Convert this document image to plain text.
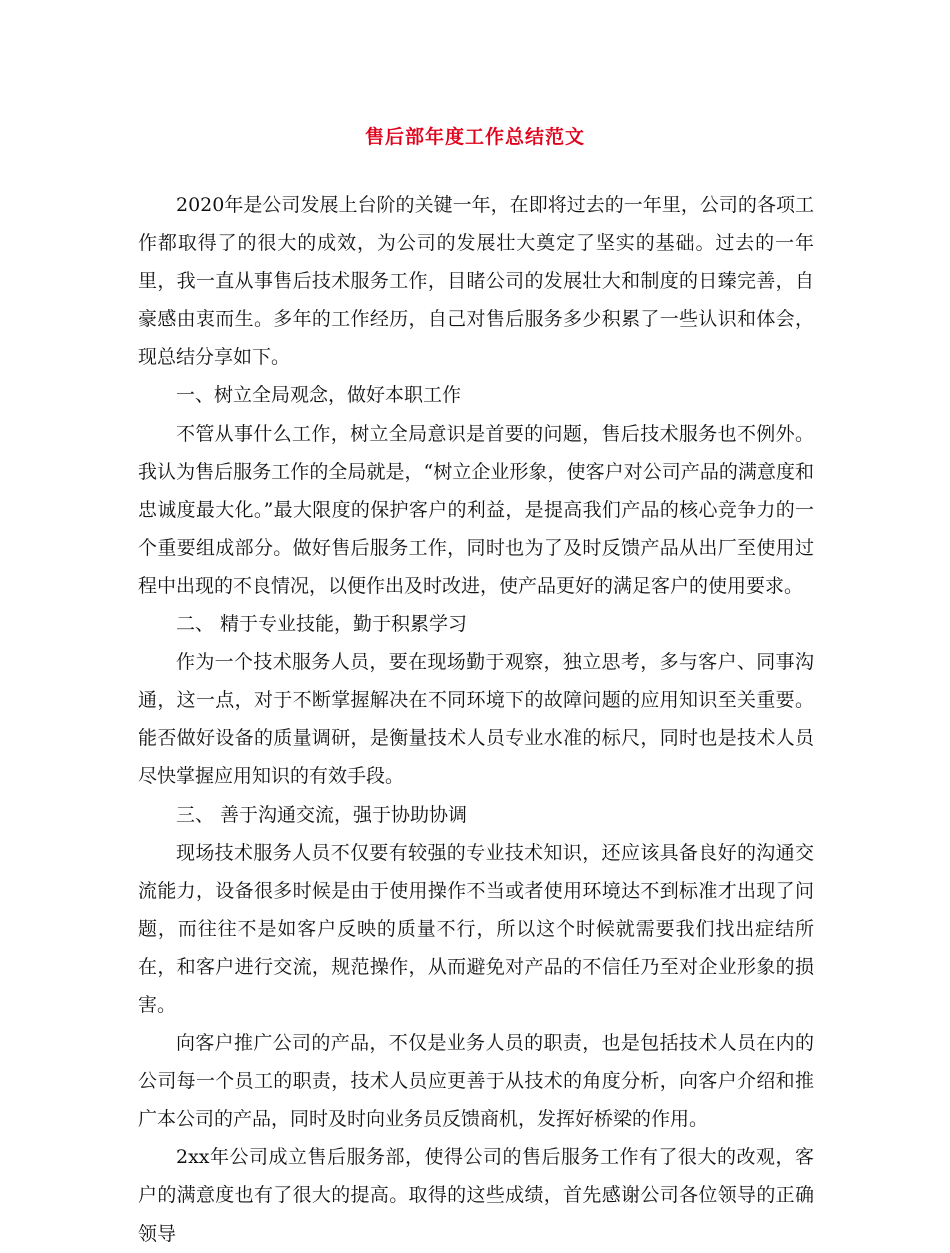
售后部年度工作总结范文

2020年是公司发展上台阶的关键一年，在即将过去的一年里，公司的各项工作都取得了的很大的成效，为公司的发展壮大奠定了坚实的基础。过去的一年里，我一直从事售后技术服务工作，目睹公司的发展壮大和制度的日臻完善，自豪感由衷而生。多年的工作经历，自己对售后服务多少积累了一些认识和体会，现总结分享如下。

一、树立全局观念，做好本职工作

不管从事什么工作，树立全局意识是首要的问题，售后技术服务也不例外。我认为售后服务工作的全局就是，“树立企业形象，使客户对公司产品的满意度和忠诚度最大化。”最大限度的保护客户的利益，是提高我们产品的核心竞争力的一个重要组成部分。做好售后服务工作，同时也为了及时反馈产品从出厂至使用过程中出现的不良情况，以便作出及时改进，使产品更好的满足客户的使用要求。

二、 精于专业技能，勤于积累学习

作为一个技术服务人员，要在现场勤于观察，独立思考，多与客户、同事沟通，这一点，对于不断掌握解决在不同环境下的故障问题的应用知识至关重要。能否做好设备的质量调研，是衡量技术人员专业水准的标尺，同时也是技术人员尽快掌握应用知识的有效手段。

三、 善于沟通交流，强于协助协调

现场技术服务人员不仅要有较强的专业技术知识，还应该具备良好的沟通交流能力，设备很多时候是由于使用操作不当或者使用环境达不到标准才出现了问题，而往往不是如客户反映的质量不行，所以这个时候就需要我们找出症结所在，和客户进行交流，规范操作，从而避免对产品的不信任乃至对企业形象的损害。

向客户推广公司的产品，不仅是业务人员的职责，也是包括技术人员在内的公司每一个员工的职责，技术人员应更善于从技术的角度分析，向客户介绍和推广本公司的产品，同时及时向业务员反馈商机，发挥好桥梁的作用。

2xx年公司成立售后服务部，使得公司的售后服务工作有了很大的改观，客户的满意度也有了很大的提高。取得的这些成绩，首先感谢公司各位领导的正确领导
